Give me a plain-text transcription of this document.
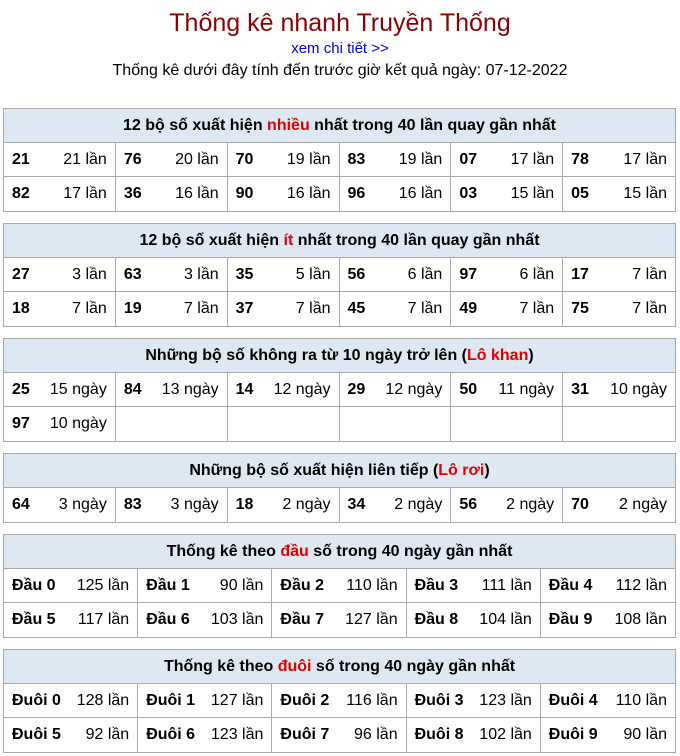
Thống kê nhanh Truyền Thống
xem chi tiết >>
Thống kê dưới đây tính đến trước giờ kết quả ngày: 07-12-2022
12 bộ số xuất hiện nhiều nhất trong 40 lần quay gần nhất
21 21 lần 76 20 lần 70 19 lần 83 19 lần 07 17 lần 78 17 lần
82 17 lần 36 16 lần 90 16 lần 96 16 lần 03 15 lần 05 15 lần
12 bộ số xuất hiện ít nhất trong 40 lần quay gần nhất
27	3 lần 63	3 lần 35	5 lần 56	6 lần 97	6 lần 17	7 lần
18	7 lần 19	7 lần 37	7 lần 45	7 lần 49	7 lần 75	7 lần
Những bộ số không ra từ 10 ngày trở lên (Lô khan)
25 15 ngày 84 13 ngày 14 12 ngày 29 12 ngày 50 11 ngày 31 10 ngày
97 10 ngày
Những bộ số xuất hiện liên tiếp (Lô rơi)
64 3 ngày 83 3 ngày 18 2 ngày 34 2 ngày 56 2 ngày 70 2 ngày
Thống kê theo đầu số trong 40 ngày gần nhất
Đầu 0 125 lần Đầu 1 90 lần Đầu 2 110 lần Đầu 3 111 lần Đầu 4 112 lần
Đầu 5 117 lần Đầu 6 103 lần Đầu 7 127 lần Đầu 8 104 lần Đầu 9 108 lần
Thống kê theo đuôi số trong 40 ngày gần nhất
Đuôi 0 128 lần Đuôi 1 127 lần Đuôi 2 116 lần Đuôi 3 123 lần Đuôi 4 110 lần
Đuôi 5 92 lần Đuôi 6 123 lần Đuôi 7 96 lần Đuôi 8 102 lần Đuôi 9 90 lần
